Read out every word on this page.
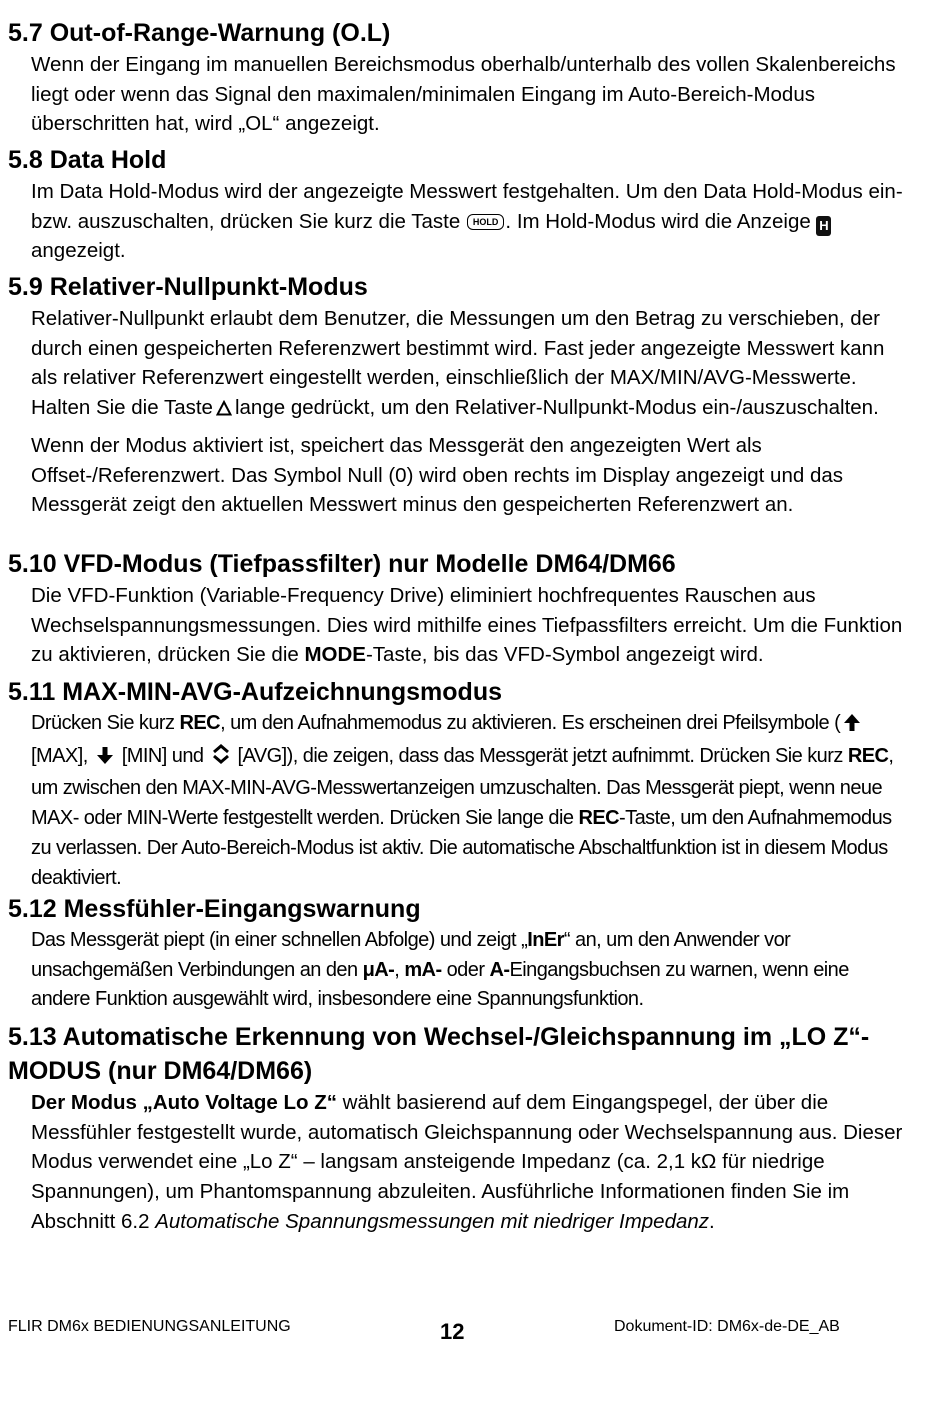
5.7 Out-of-Range-Warnung (O.L)

Wenn der Eingang im manuellen Bereichsmodus oberhalb/unterhalb des vollen Skalenbereichs liegt oder wenn das Signal den maximalen/minimalen Eingang im Auto-Bereich-Modus überschritten hat, wird „OL“ angezeigt.

5.8 Data Hold

Im Data Hold-Modus wird der angezeigte Messwert festgehalten. Um den Data Hold-Modus ein- bzw. auszuschalten, drücken Sie kurz die Taste HOLD . Im Hold-Modus wird die Anzeige H angezeigt.

5.9 Relativer-Nullpunkt-Modus

Relativer-Nullpunkt erlaubt dem Benutzer, die Messungen um den Betrag zu verschieben, der durch einen gespeicherten Referenzwert bestimmt wird. Fast jeder angezeigte Messwert kann als relativer Referenzwert eingestellt werden, einschließlich der MAX/MIN/AVG-Messwerte. Halten Sie die Taste lange gedrückt, um den Relativer-Nullpunkt-Modus ein-/auszuschalten.

Wenn der Modus aktiviert ist, speichert das Messgerät den angezeigten Wert als Offset-/Referenzwert. Das Symbol Null (0) wird oben rechts im Display angezeigt und das Messgerät zeigt den aktuellen Messwert minus den gespeicherten Referenzwert an.

5.10 VFD-Modus (Tiefpassfilter) nur Modelle DM64/DM66

Die VFD-Funktion (Variable-Frequency Drive) eliminiert hochfrequentes Rauschen aus Wechselspannungsmessungen. Dies wird mithilfe eines Tiefpassfilters erreicht. Um die Funktion zu aktivieren, drücken Sie die MODE-Taste, bis das VFD-Symbol angezeigt wird.

5.11 MAX-MIN-AVG-Aufzeichnungsmodus

Drücken Sie kurz REC, um den Aufnahmemodus zu aktivieren. Es erscheinen drei Pfeilsymbole ([MAX], [MIN] und [AVG]), die zeigen, dass das Messgerät jetzt aufnimmt. Drücken Sie kurz REC, um zwischen den MAX-MIN-AVG-Messwertanzeigen umzuschalten. Das Messgerät piept, wenn neue MAX- oder MIN-Werte festgestellt werden. Drücken Sie lange die REC-Taste, um den Aufnahmemodus zu verlassen. Der Auto-Bereich-Modus ist aktiv. Die automatische Abschaltfunktion ist in diesem Modus deaktiviert.

5.12 Messfühler-Eingangswarnung

Das Messgerät piept (in einer schnellen Abfolge) und zeigt „InEr“ an, um den Anwender vor unsachgemäßen Verbindungen an den μA-, mA- oder A-Eingangsbuchsen zu warnen, wenn eine andere Funktion ausgewählt wird, insbesondere eine Spannungsfunktion.

5.13 Automatische Erkennung von Wechsel-/Gleichspannung im „LO Z“-MODUS (nur DM64/DM66)

Der Modus „Auto Voltage Lo Z“ wählt basierend auf dem Eingangspegel, der über die Messfühler festgestellt wurde, automatisch Gleichspannung oder Wechselspannung aus. Dieser Modus verwendet eine „Lo Z“ – langsam ansteigende Impedanz (ca. 2,1 kΩ für niedrige Spannungen), um Phantomspannung abzuleiten. Ausführliche Informationen finden Sie im Abschnitt 6.2 Automatische Spannungsmessungen mit niedriger Impedanz.

FLIR DM6x BEDIENUNGSANLEITUNG	12	Dokument-ID: DM6x-de-DE_AB
